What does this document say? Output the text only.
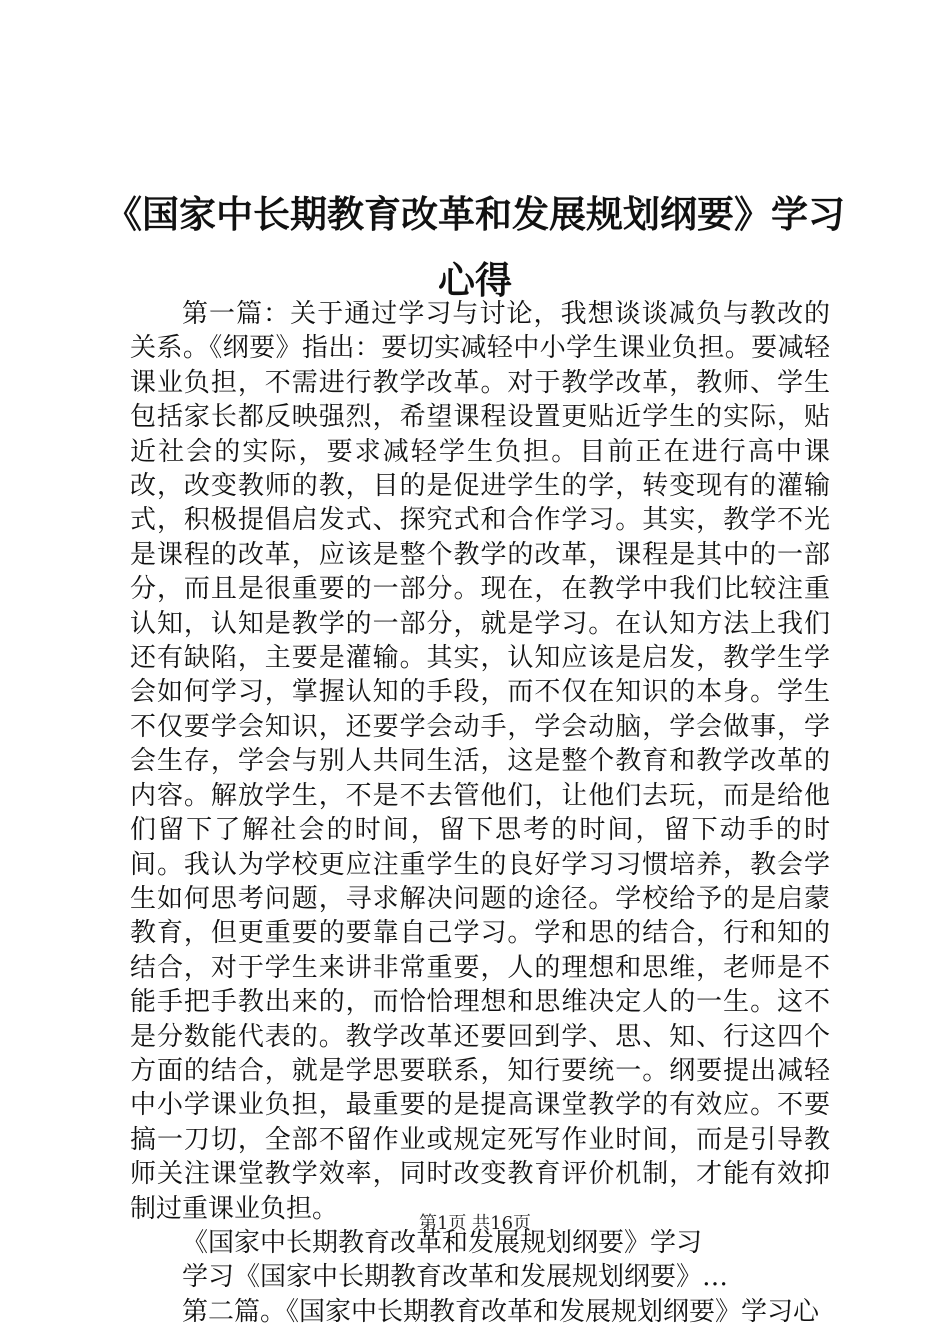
《国家中长期教育改革和发展规划纲要》学习心得

第一篇：关于通过学习与讨论，我想谈谈减负与教改的关系。《纲要》指出：要切实减轻中小学生课业负担。要减轻课业负担，不需进行教学改革。对于教学改革，教师、学生包括家长都反映强烈，希望课程设置更贴近学生的实际，贴近社会的实际，要求减轻学生负担。目前正在进行高中课改，改变教师的教，目的是促进学生的学，转变现有的灌输式，积极提倡启发式、探究式和合作学习。其实，教学不光是课程的改革，应该是整个教学的改革，课程是其中的一部分，而且是很重要的一部分。现在，在教学中我们比较注重认知，认知是教学的一部分，就是学习。在认知方法上我们还有缺陷，主要是灌输。其实，认知应该是启发，教学生学会如何学习，掌握认知的手段，而不仅在知识的本身。学生不仅要学会知识，还要学会动手，学会动脑，学会做事，学会生存，学会与别人共同生活，这是整个教育和教学改革的内容。解放学生，不是不去管他们，让他们去玩，而是给他们留下了解社会的时间，留下思考的时间，留下动手的时间。我认为学校更应注重学生的良好学习习惯培养，教会学生如何思考问题，寻求解决问题的途径。学校给予的是启蒙教育，但更重要的要靠自己学习。学和思的结合，行和知的结合，对于学生来讲非常重要，人的理想和思维，老师是不能手把手教出来的，而恰恰理想和思维决定人的一生。这不是分数能代表的。教学改革还要回到学、思、知、行这四个方面的结合，就是学思要联系，知行要统一。纲要提出减轻中小学课业负担，最重要的是提高课堂教学的有效应。不要搞一刀切，全部不留作业或规定死写作业时间，而是引导教师关注课堂教学效率，同时改变教育评价机制，才能有效抑制过重课业负担。

《国家中长期教育改革和发展规划纲要》学习

学习《国家中长期教育改革和发展规划纲要》…

第二篇。《国家中长期教育改革和发展规划纲要》学习心

第1页 共16页
